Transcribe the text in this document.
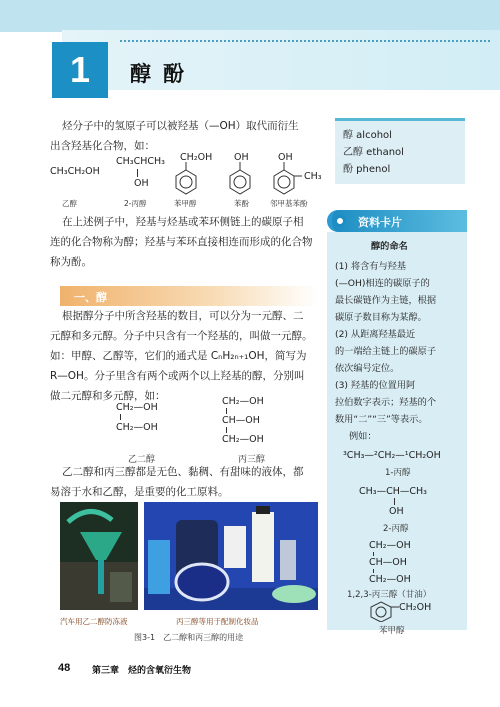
1	醇酚

烃分子中的氢原子可以被羟基（—OH）取代而衍生

出含羟基化合物，如：

CH₃CH₂OH
乙醇
CH₃CHCH₃
OH
2-丙醇
CH₂OH
苯甲醇
OH
苯酚
OH
CH₃
邻甲基苯酚

在上述例子中，羟基与烃基或苯环侧链上的碳原子相

连的化合物称为醇；羟基与苯环直接相连而形成的化合物

称为酚。

醇 alcohol
乙醇 ethanol
酚 phenol
资料卡片
醇的命名
(1) 将含有与羟基
(—OH)相连的碳原子的
最长碳链作为主链，根据
碳原子数目称为某醇。
(2) 从距离羟基最近
的一端给主链上的碳原子
依次编号定位。
(3) 羟基的位置用阿
拉伯数字表示；羟基的个
数用“二”“三”等表示。
例如：
³CH₃—²CH₂—¹CH₂OH
1-丙醇
CH₃—CH—CH₃
OH
2-丙醇
CH₂—OH
CH—OH
CH₂—OH
1,2,3-丙三醇（甘油）
CH₂OH
苯甲醇
一、醇

根据醇分子中所含羟基的数目，可以分为一元醇、二

元醇和多元醇。分子中只含有一个羟基的，叫做一元醇。

如：甲醇、乙醇等，它们的通式是 CₙH₂ₙ₊₁OH，简写为

R—OH。分子里含有两个或两个以上羟基的醇，分别叫

做二元醇和多元醇，如：

CH₂—OH
CH₂—OH
乙二醇
CH₂—OH
CH—OH
CH₂—OH
丙三醇

乙二醇和丙三醇都是无色、黏稠、有甜味的液体，都

易溶于水和乙醇，是重要的化工原料。

汽车用乙二醇防冻液	丙三醇等用于配制化妆品
图3-1　乙二醇和丙三醇的用途
48 第三章　烃的含氧衍生物
